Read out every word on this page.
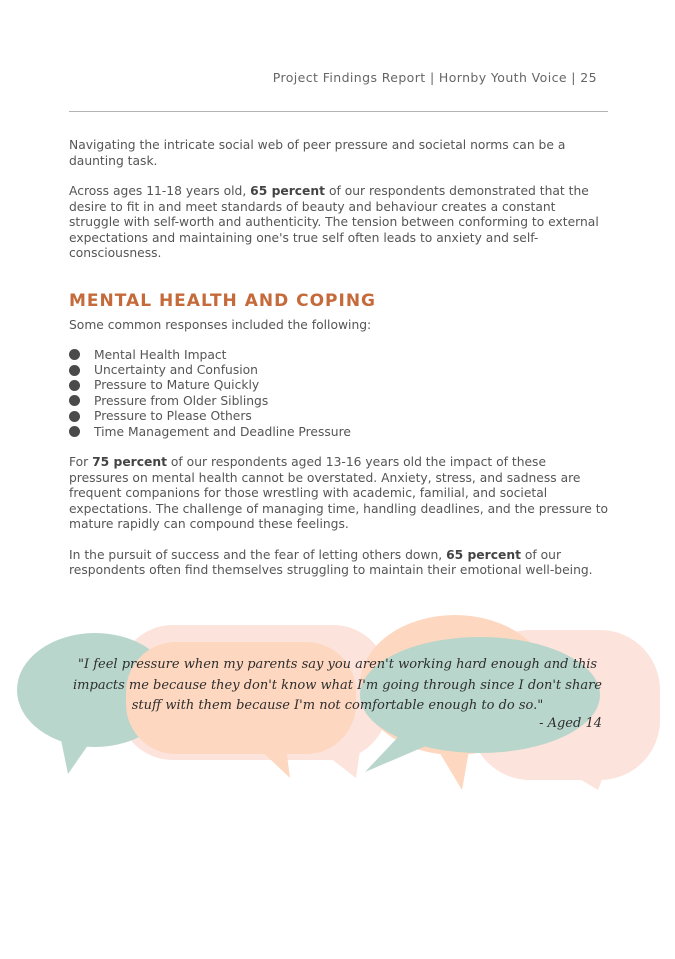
Project Findings Report | Hornby Youth Voice | 25

Navigating the intricate social web of peer pressure and societal norms can be a daunting task.

Across ages 11-18 years old, 65 percent of our respondents demonstrated that the desire to fit in and meet standards of beauty and behaviour creates a constant struggle with self-worth and authenticity. The tension between conforming to external expectations and maintaining one's true self often leads to anxiety and self-consciousness.

MENTAL HEALTH AND COPING

Some common responses included the following:

Mental Health Impact
Uncertainty and Confusion
Pressure to Mature Quickly
Pressure from Older Siblings
Pressure to Please Others
Time Management and Deadline Pressure

For 75 percent of our respondents aged 13-16 years old the impact of these pressures on mental health cannot be overstated. Anxiety, stress, and sadness are frequent companions for those wrestling with academic, familial, and societal expectations. The challenge of managing time, handling deadlines, and the pressure to mature rapidly can compound these feelings.

In the pursuit of success and the fear of letting others down, 65 percent of our respondents often find themselves struggling to maintain their emotional well-being.

"I feel pressure when my parents say you aren't working hard enough and this impacts me because they don't know what I'm going through since I don't share stuff with them because I'm not comfortable enough to do so."
- Aged 14
